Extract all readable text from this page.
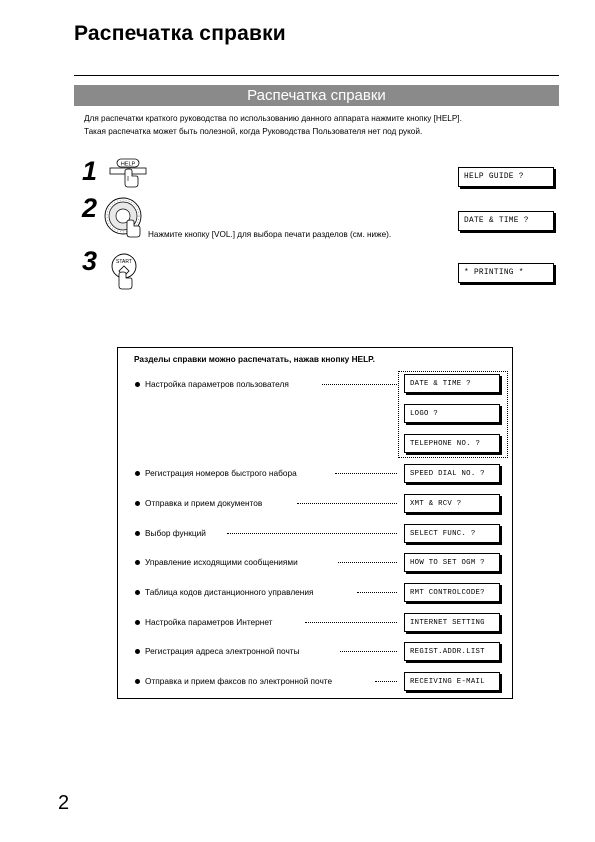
Распечатка справки
Распечатка справки
Для распечатки краткого руководства по использованию данного аппарата нажмите кнопку [HELP].
Такая распечатка может быть полезной, когда Руководства Пользователя нет под рукой.
1	HELP
HELP GUIDE ?
2
Нажмите кнопку [VOL.] для выбора печати разделов (см. ниже).
DATE & TIME ?
3	START
* PRINTING *
Разделы справки можно распечатать, нажав кнопку HELP.
Настройка параметров пользователя	DATE & TIME ?
LOGO ?
TELEPHONE NO. ?
Регистрация номеров быстрого набора	SPEED DIAL NO. ?
Отправка и прием документов	XMT & RCV ?
Выбор функций	SELECT FUNC. ?
Управление исходящими сообщениями	HOW TO SET OGM ?
Таблица кодов дистанционного управления	RMT CONTROLCODE?
Настройка параметров Интернет	INTERNET SETTING
Регистрация адреса электронной почты	REGIST.ADDR.LIST
Отправка и прием факсов по электронной почте	RECEIVING E-MAIL
2
